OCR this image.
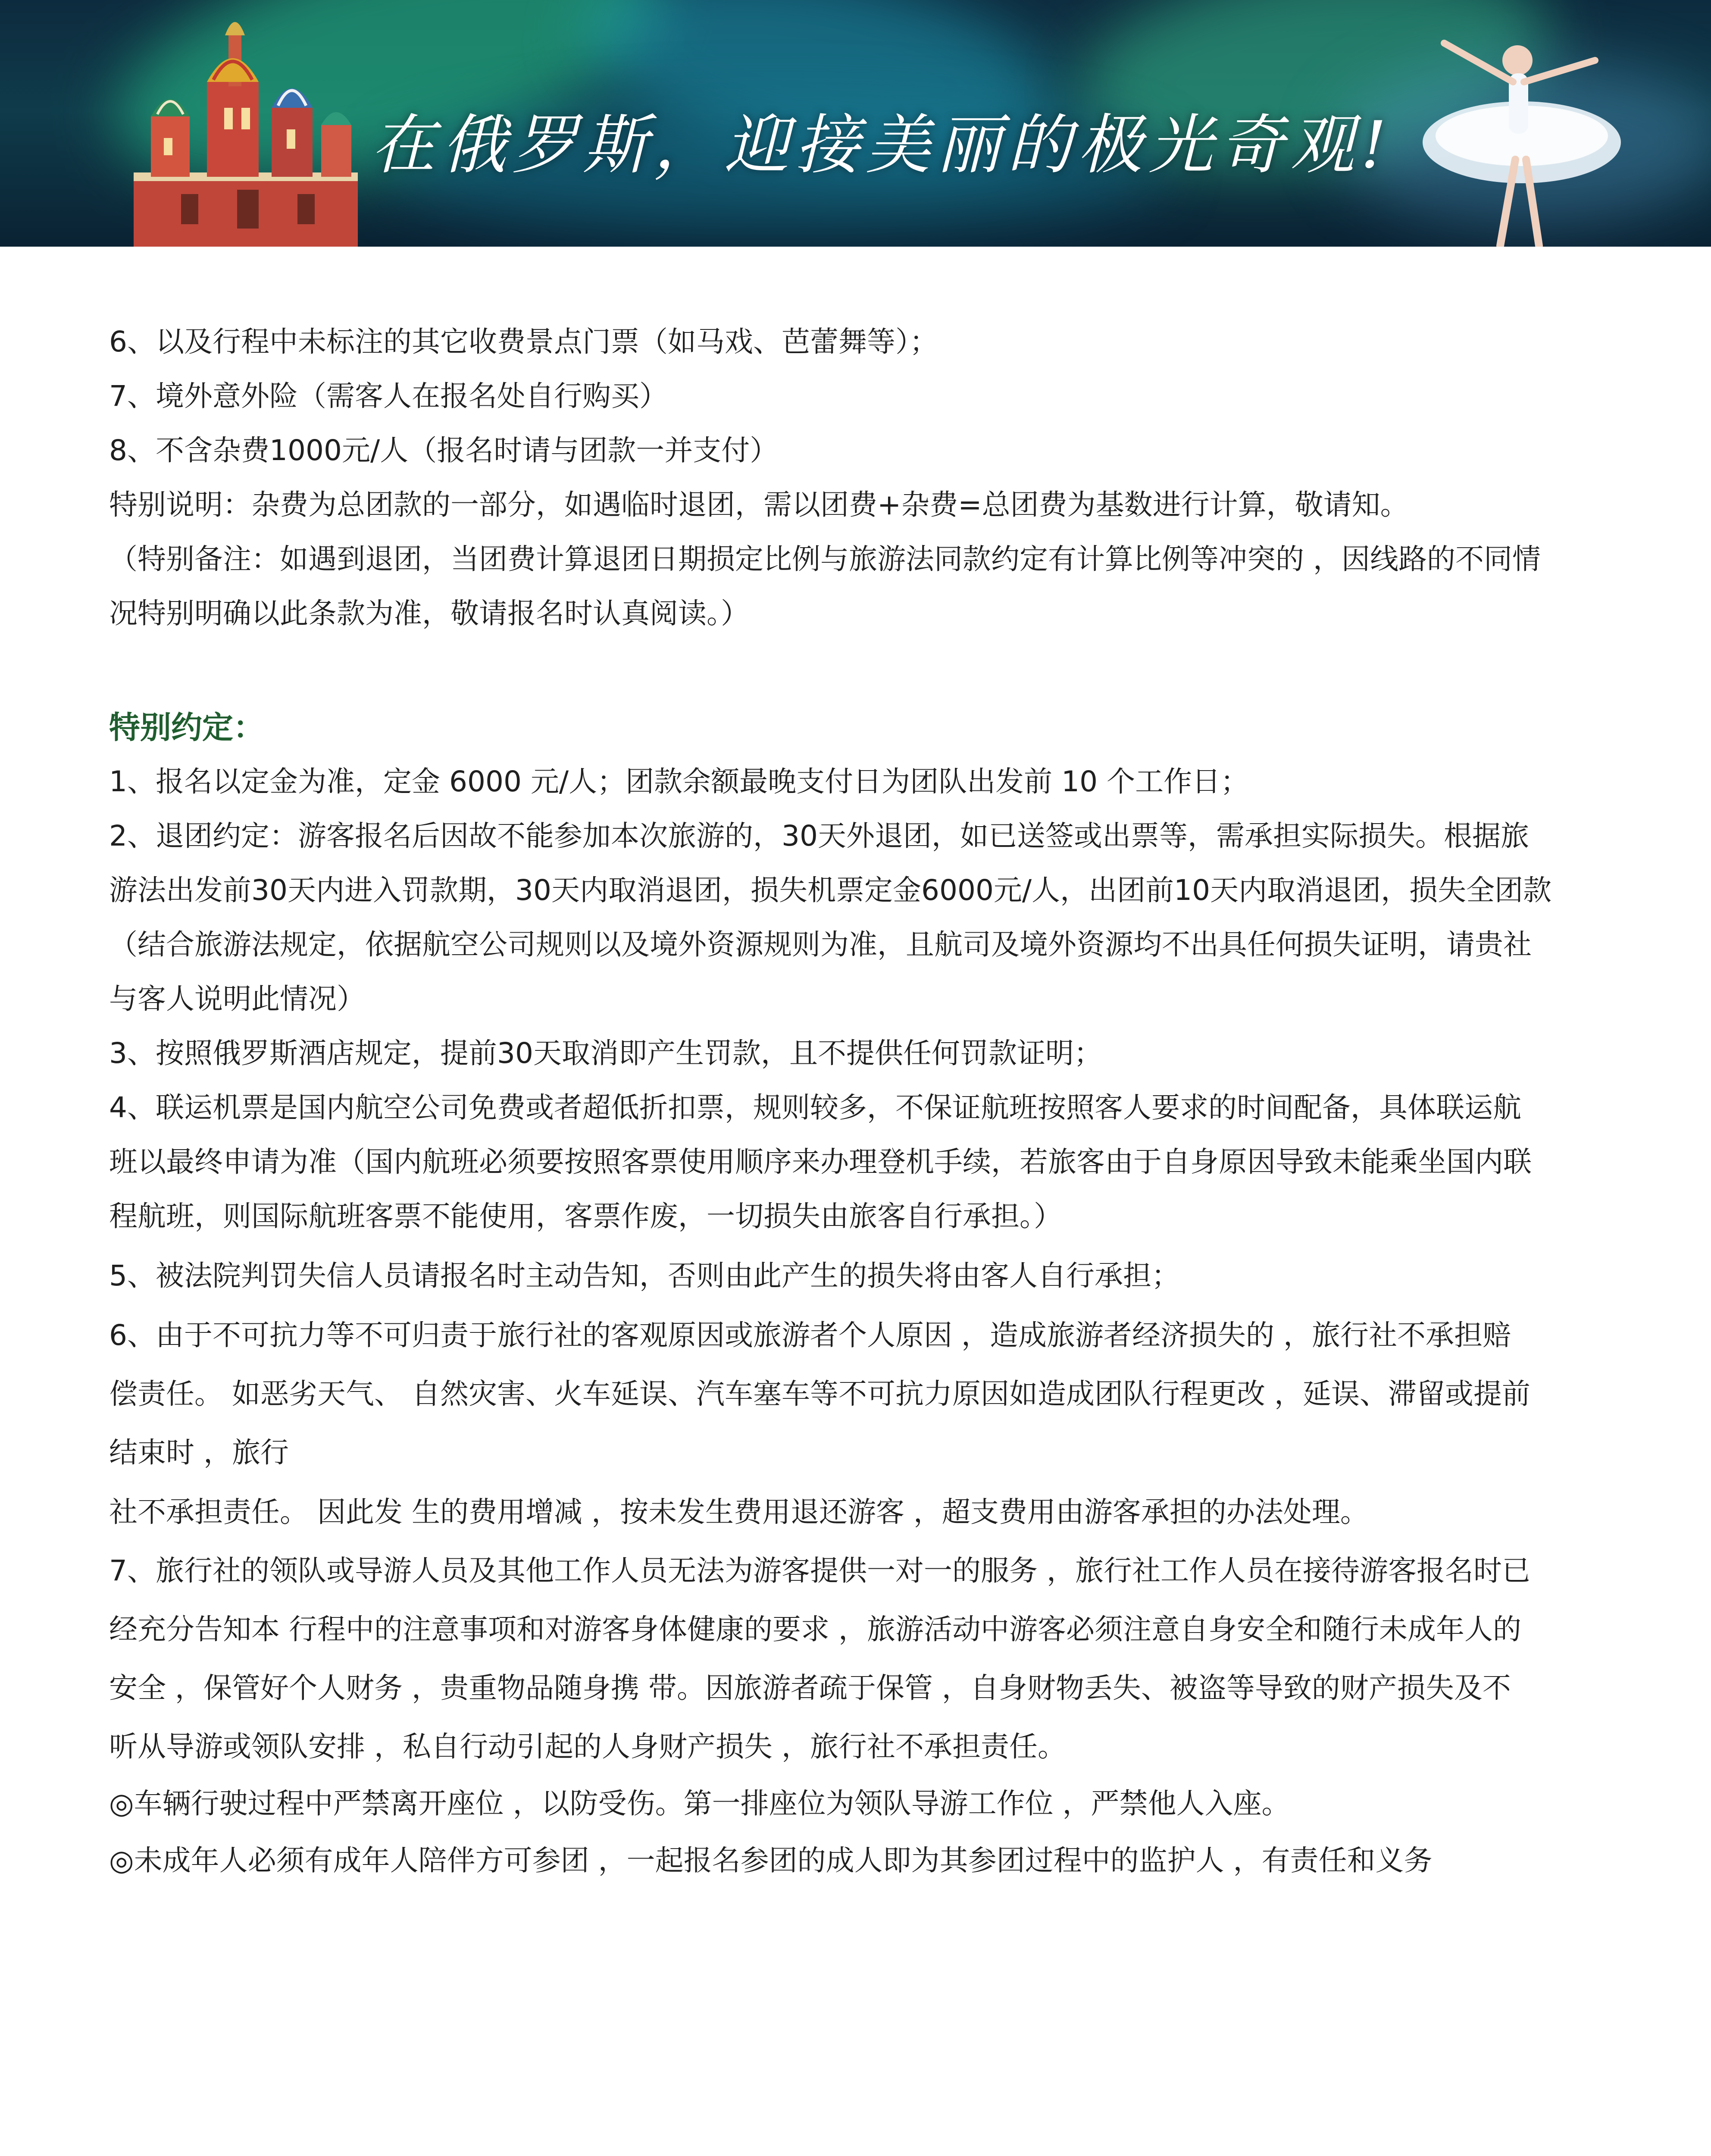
在俄罗斯，迎接美丽的极光奇观!
6、以及行程中未标注的其它收费景点门票（如马戏、芭蕾舞等）；
7、境外意外险（需客人在报名处自行购买）
8、不含杂费1000元/人（报名时请与团款一并支付）
特别说明：杂费为总团款的一部分，如遇临时退团，需以团费+杂费=总团费为基数进行计算，敬请知。
（特别备注：如遇到退团，当团费计算退团日期损定比例与旅游法同款约定有计算比例等冲突的 ，因线路的不同情
况特别明确以此条款为准，敬请报名时认真阅读。）
特别约定：
1、报名以定金为准，定金 6000 元/人；团款余额最晚支付日为团队出发前 10 个工作日；
2、退团约定：游客报名后因故不能参加本次旅游的，30天外退团，如已送签或出票等，需承担实际损失。根据旅
游法出发前30天内进入罚款期，30天内取消退团，损失机票定金6000元/人，出团前10天内取消退团，损失全团款
（结合旅游法规定，依据航空公司规则以及境外资源规则为准，且航司及境外资源均不出具任何损失证明，请贵社
与客人说明此情况）
3、按照俄罗斯酒店规定，提前30天取消即产生罚款，且不提供任何罚款证明；
4、联运机票是国内航空公司免费或者超低折扣票，规则较多，不保证航班按照客人要求的时间配备，具体联运航
班以最终申请为准（国内航班必须要按照客票使用顺序来办理登机手续，若旅客由于自身原因导致未能乘坐国内联
程航班，则国际航班客票不能使用，客票作废，一切损失由旅客自行承担。）
5、被法院判罚失信人员请报名时主动告知，否则由此产生的损失将由客人自行承担；
6、由于不可抗力等不可归责于旅行社的客观原因或旅游者个人原因 ，造成旅游者经济损失的 ，旅行社不承担赔
偿责任。 如恶劣天气、 自然灾害、火车延误、汽车塞车等不可抗力原因如造成团队行程更改 ，延误、滞留或提前
结束时 ，旅行
社不承担责任。 因此发 生的费用增减 ，按未发生费用退还游客 ，超支费用由游客承担的办法处理。
7、旅行社的领队或导游人员及其他工作人员无法为游客提供一对一的服务 ，旅行社工作人员在接待游客报名时已
经充分告知本 行程中的注意事项和对游客身体健康的要求 ，旅游活动中游客必须注意自身安全和随行未成年人的
安全 ，保管好个人财务 ，贵重物品随身携 带。因旅游者疏于保管 ，自身财物丢失、被盗等导致的财产损失及不
听从导游或领队安排 ，私自行动引起的人身财产损失 ，旅行社不承担责任。
◎车辆行驶过程中严禁离开座位 ，以防受伤。第一排座位为领队导游工作位 ，严禁他人入座。
◎未成年人必须有成年人陪伴方可参团 ，一起报名参团的成人即为其参团过程中的监护人 ，有责任和义务
